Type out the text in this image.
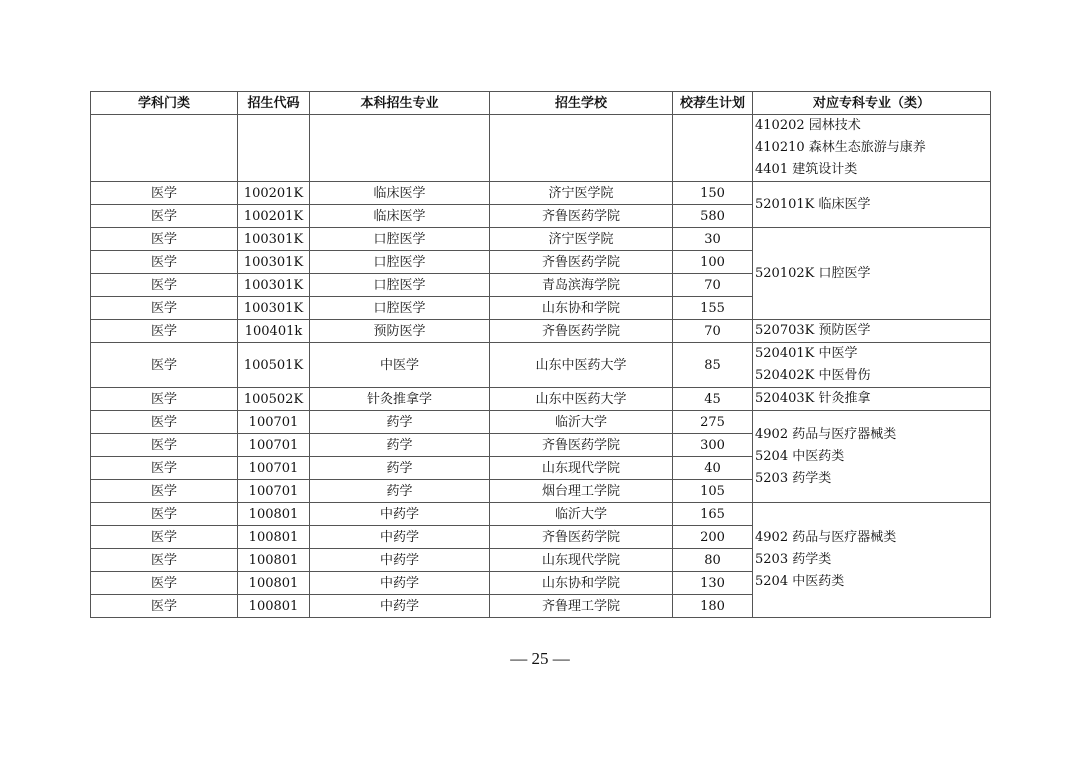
学科门类	招生代码	本科招生专业	招生学校	校荐生计划	对应专科专业（类）

					410202 园林技术
410210 森林生态旅游与康养
4401 建筑设计类

医学	100201K	临床医学	济宁医学院	150	520101K 临床医学

医学	100201K	临床医学	齐鲁医药学院	580	
医学	100301K	口腔医学	济宁医学院	30	520102K 口腔医学

医学	100301K	口腔医学	齐鲁医药学院	100	
医学	100301K	口腔医学	青岛滨海学院	70	
医学	100301K	口腔医学	山东协和学院	155	
医学	100401k	预防医学	齐鲁医药学院	70	520703K 预防医学

医学	100501K	中医学	山东中医药大学	85	520401K 中医学
520402K 中医骨伤

医学	100502K	针灸推拿学	山东中医药大学	45	520403K 针灸推拿

医学	100701	药学	临沂大学	275	4902 药品与医疗器械类
5204 中医药类
5203 药学类

医学	100701	药学	齐鲁医药学院	300	
医学	100701	药学	山东现代学院	40	
医学	100701	药学	烟台理工学院	105	
医学	100801	中药学	临沂大学	165	4902 药品与医疗器械类
5203 药学类
5204 中医药类

医学	100801	中药学	齐鲁医药学院	200	
医学	100801	中药学	山东现代学院	80	
医学	100801	中药学	山东协和学院	130	
医学	100801	中药学	齐鲁理工学院	180	
— 25 —
